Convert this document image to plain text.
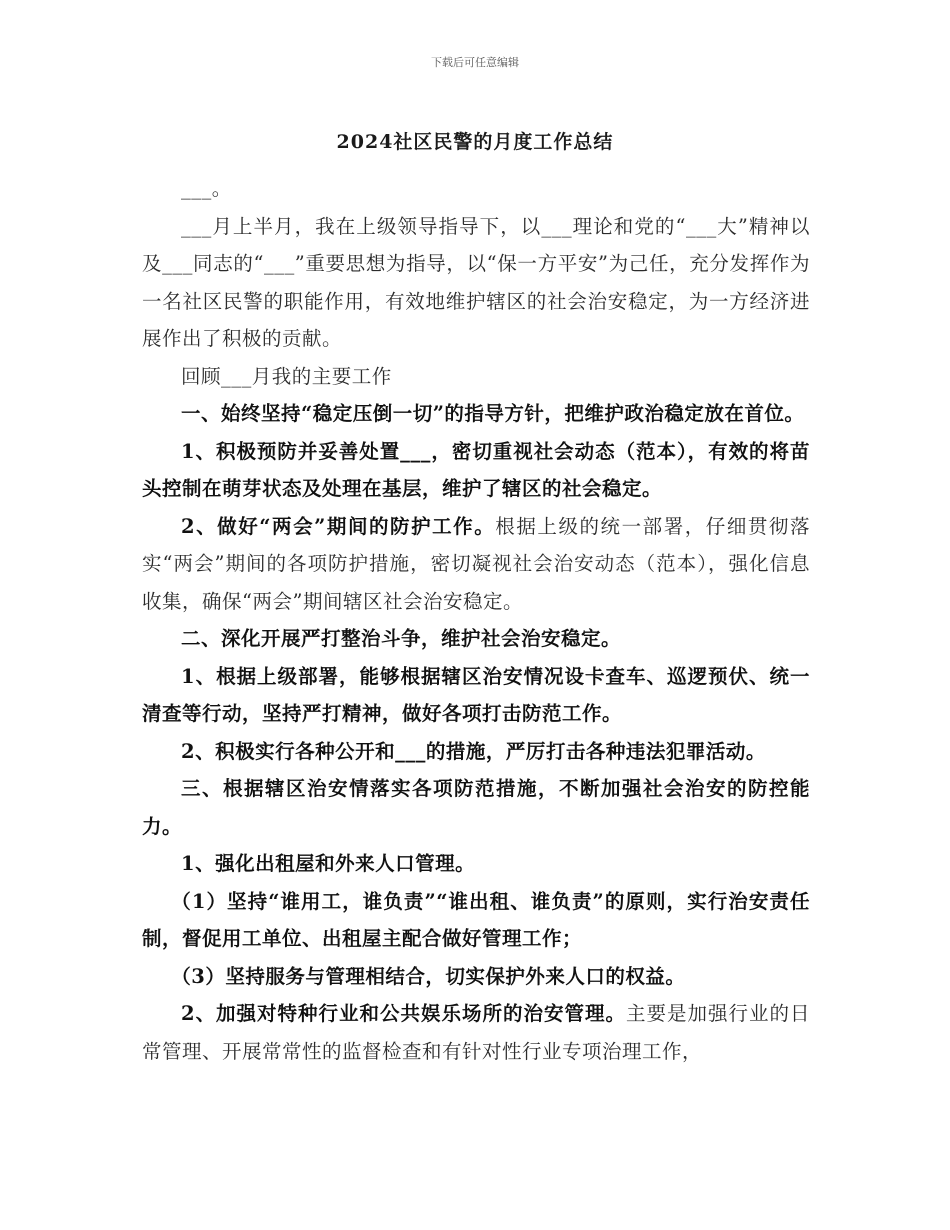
下载后可任意编辑
2024社区民警的月度工作总结

___。

___月上半月，我在上级领导指导下，以___理论和党的“___大”精神以及___同志的“___”重要思想为指导，以“保一方平安”为己任，充分发挥作为一名社区民警的职能作用，有效地维护辖区的社会治安稳定，为一方经济进展作出了积极的贡献。

回顾___月我的主要工作

一、始终坚持“稳定压倒一切”的指导方针，把维护政治稳定放在首位。

1、积极预防并妥善处置___，密切重视社会动态（范本），有效的将苗头控制在萌芽状态及处理在基层，维护了辖区的社会稳定。

2、做好“两会”期间的防护工作。根据上级的统一部署，仔细贯彻落实“两会”期间的各项防护措施，密切凝视社会治安动态（范本），强化信息收集，确保“两会”期间辖区社会治安稳定。

二、深化开展严打整治斗争，维护社会治安稳定。

1、根据上级部署，能够根据辖区治安情况设卡查车、巡逻预伏、统一清查等行动，坚持严打精神，做好各项打击防范工作。

2、积极实行各种公开和___的措施，严厉打击各种违法犯罪活动。

三、根据辖区治安情落实各项防范措施，不断加强社会治安的防控能力。

1、强化出租屋和外来人口管理。

（1）坚持“谁用工，谁负责”“谁出租、谁负责”的原则，实行治安责任制，督促用工单位、出租屋主配合做好管理工作；

（3）坚持服务与管理相结合，切实保护外来人口的权益。

2、加强对特种行业和公共娱乐场所的治安管理。主要是加强行业的日常管理、开展常常性的监督检查和有针对性行业专项治理工作，
